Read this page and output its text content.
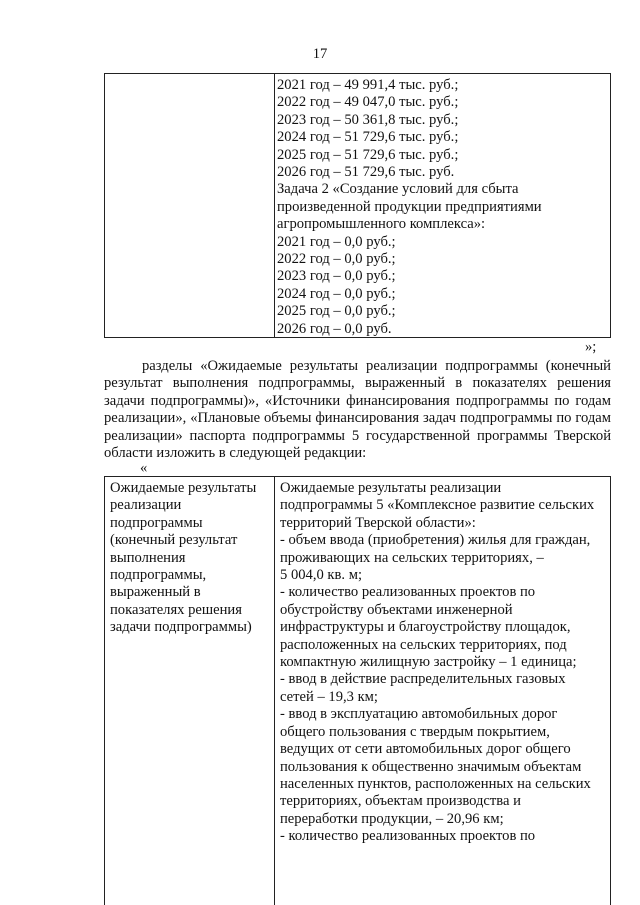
17
2021 год – 49 991,4 тыс. руб.;
2022 год – 49 047,0 тыс. руб.;
2023 год – 50 361,8 тыс. руб.;
2024 год – 51 729,6 тыс. руб.;
2025 год – 51 729,6 тыс. руб.;
2026 год – 51 729,6 тыс. руб.
Задача 2 «Создание условий для сбыта
произведенной продукции предприятиями
агропромышленного комплекса»:
2021 год – 0,0 руб.;
2022 год – 0,0 руб.;
2023 год – 0,0 руб.;
2024 год – 0,0 руб.;
2025 год – 0,0 руб.;
2026 год – 0,0 руб.
»;
разделы «Ожидаемые результаты реализации подпрограммы (конечный результат выполнения подпрограммы, выраженный в показателях решения задачи подпрограммы)», «Источники финансирования подпрограммы по годам реализации», «Плановые объемы финансирования задач подпрограммы по годам реализации» паспорта подпрограммы 5 государственной программы Тверской области изложить в следующей редакции:
«
Ожидаемые результаты
реализации
подпрограммы
(конечный результат
выполнения
подпрограммы,
выраженный в
показателях решения
задачи подпрограммы)
Ожидаемые результаты реализации
подпрограммы 5 «Комплексное развитие сельских
территорий Тверской области»:
- объем ввода (приобретения) жилья для граждан,
проживающих на сельских территориях, –
5 004,0 кв. м;
- количество реализованных проектов по
обустройству объектами инженерной
инфраструктуры и благоустройству площадок,
расположенных на сельских территориях, под
компактную жилищную застройку – 1 единица;
- ввод в действие распределительных газовых
сетей – 19,3 км;
- ввод в эксплуатацию автомобильных дорог
общего пользования с твердым покрытием,
ведущих от сети автомобильных дорог общего
пользования к общественно значимым объектам
населенных пунктов, расположенных на сельских
территориях, объектам производства и
переработки продукции, – 20,96 км;
- количество реализованных проектов по
